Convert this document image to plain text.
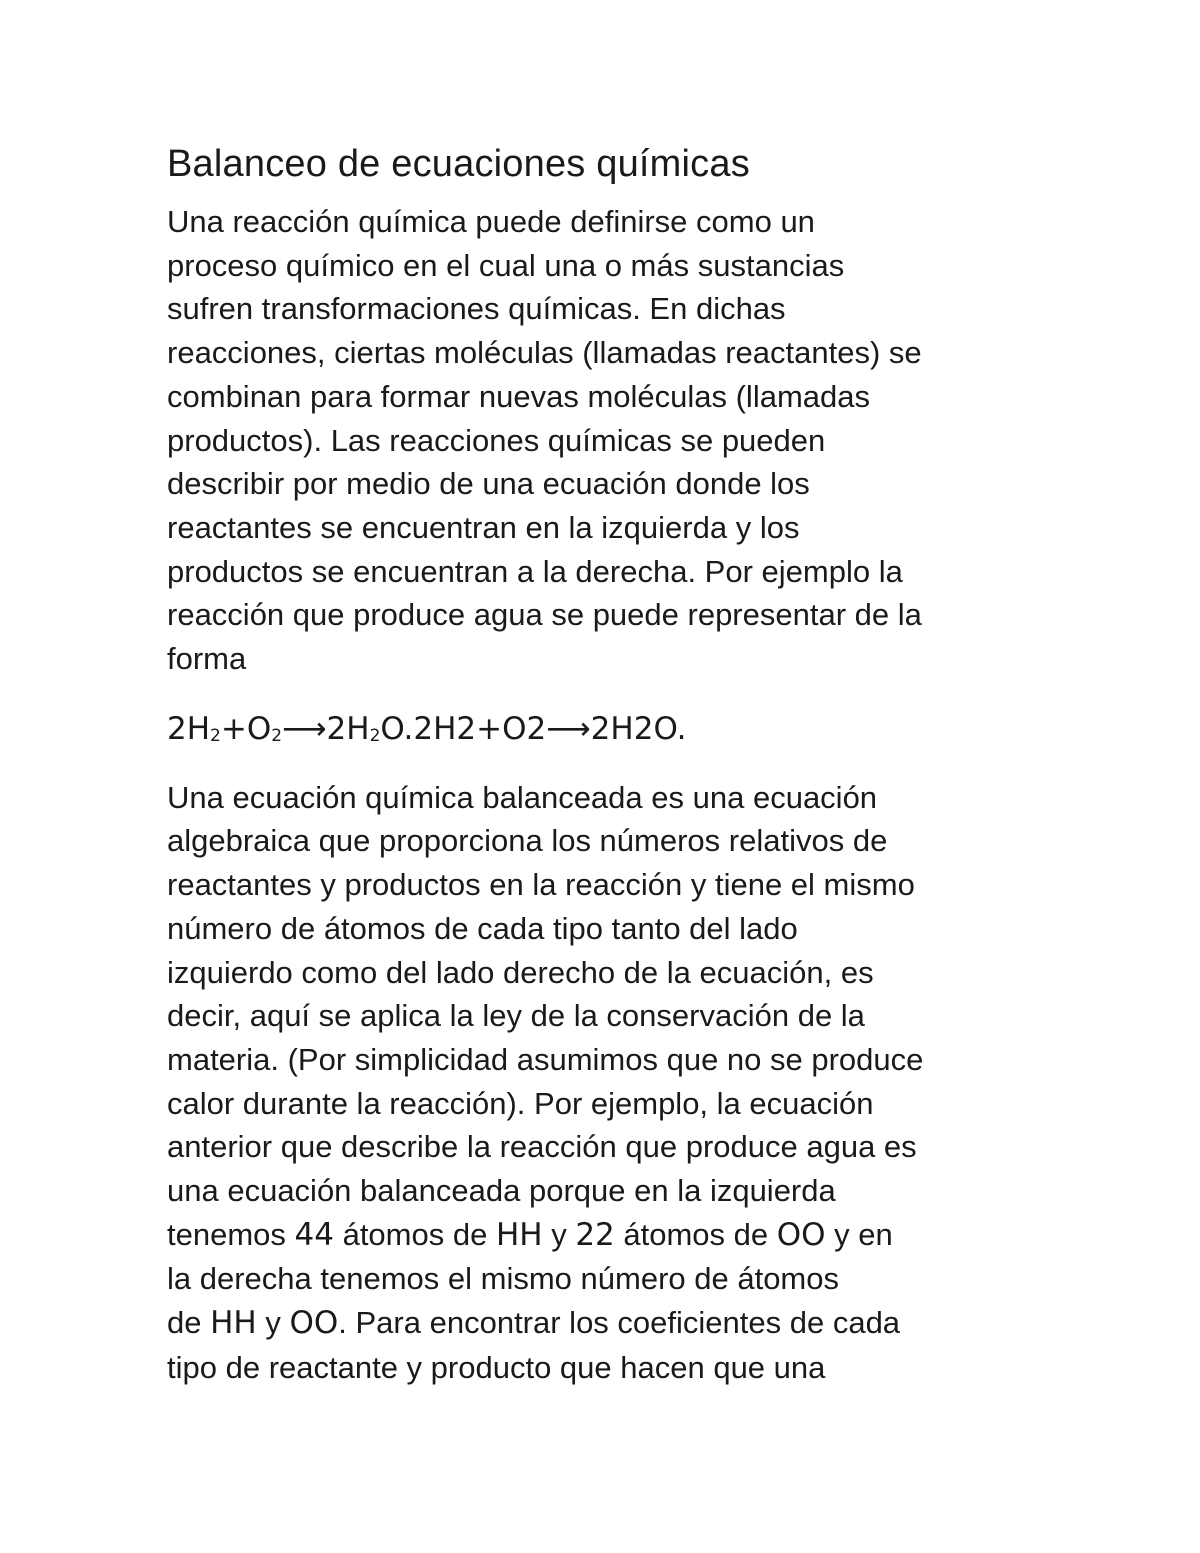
Balanceo de ecuaciones químicas

Una reacción química puede definirse como un
proceso químico en el cual una o más sustancias
sufren transformaciones químicas. En dichas
reacciones, ciertas moléculas (llamadas reactantes) se
combinan para formar nuevas moléculas (llamadas
productos). Las reacciones químicas se pueden
describir por medio de una ecuación donde los
reactantes se encuentran en la izquierda y los
productos se encuentran a la derecha. Por ejemplo la
reacción que produce agua se puede representar de la
forma

$2H_2+O_2⟶2H_2O.2H2+O2⟶2H2O$.

Una ecuación química balanceada es una ecuación
algebraica que proporciona los números relativos de
reactantes y productos en la reacción y tiene el mismo
número de átomos de cada tipo tanto del lado
izquierdo como del lado derecho de la ecuación, es
decir, aquí se aplica la ley de la conservación de la
materia. (Por simplicidad asumimos que no se produce
calor durante la reacción). Por ejemplo, la ecuación
anterior que describe la reacción que produce agua es
una ecuación balanceada porque en la izquierda
tenemos 44 átomos de HH y 22 átomos de OO y en
la derecha tenemos el mismo número de átomos
de HH y OO. Para encontrar los coeficientes de cada
tipo de reactante y producto que hacen que una
